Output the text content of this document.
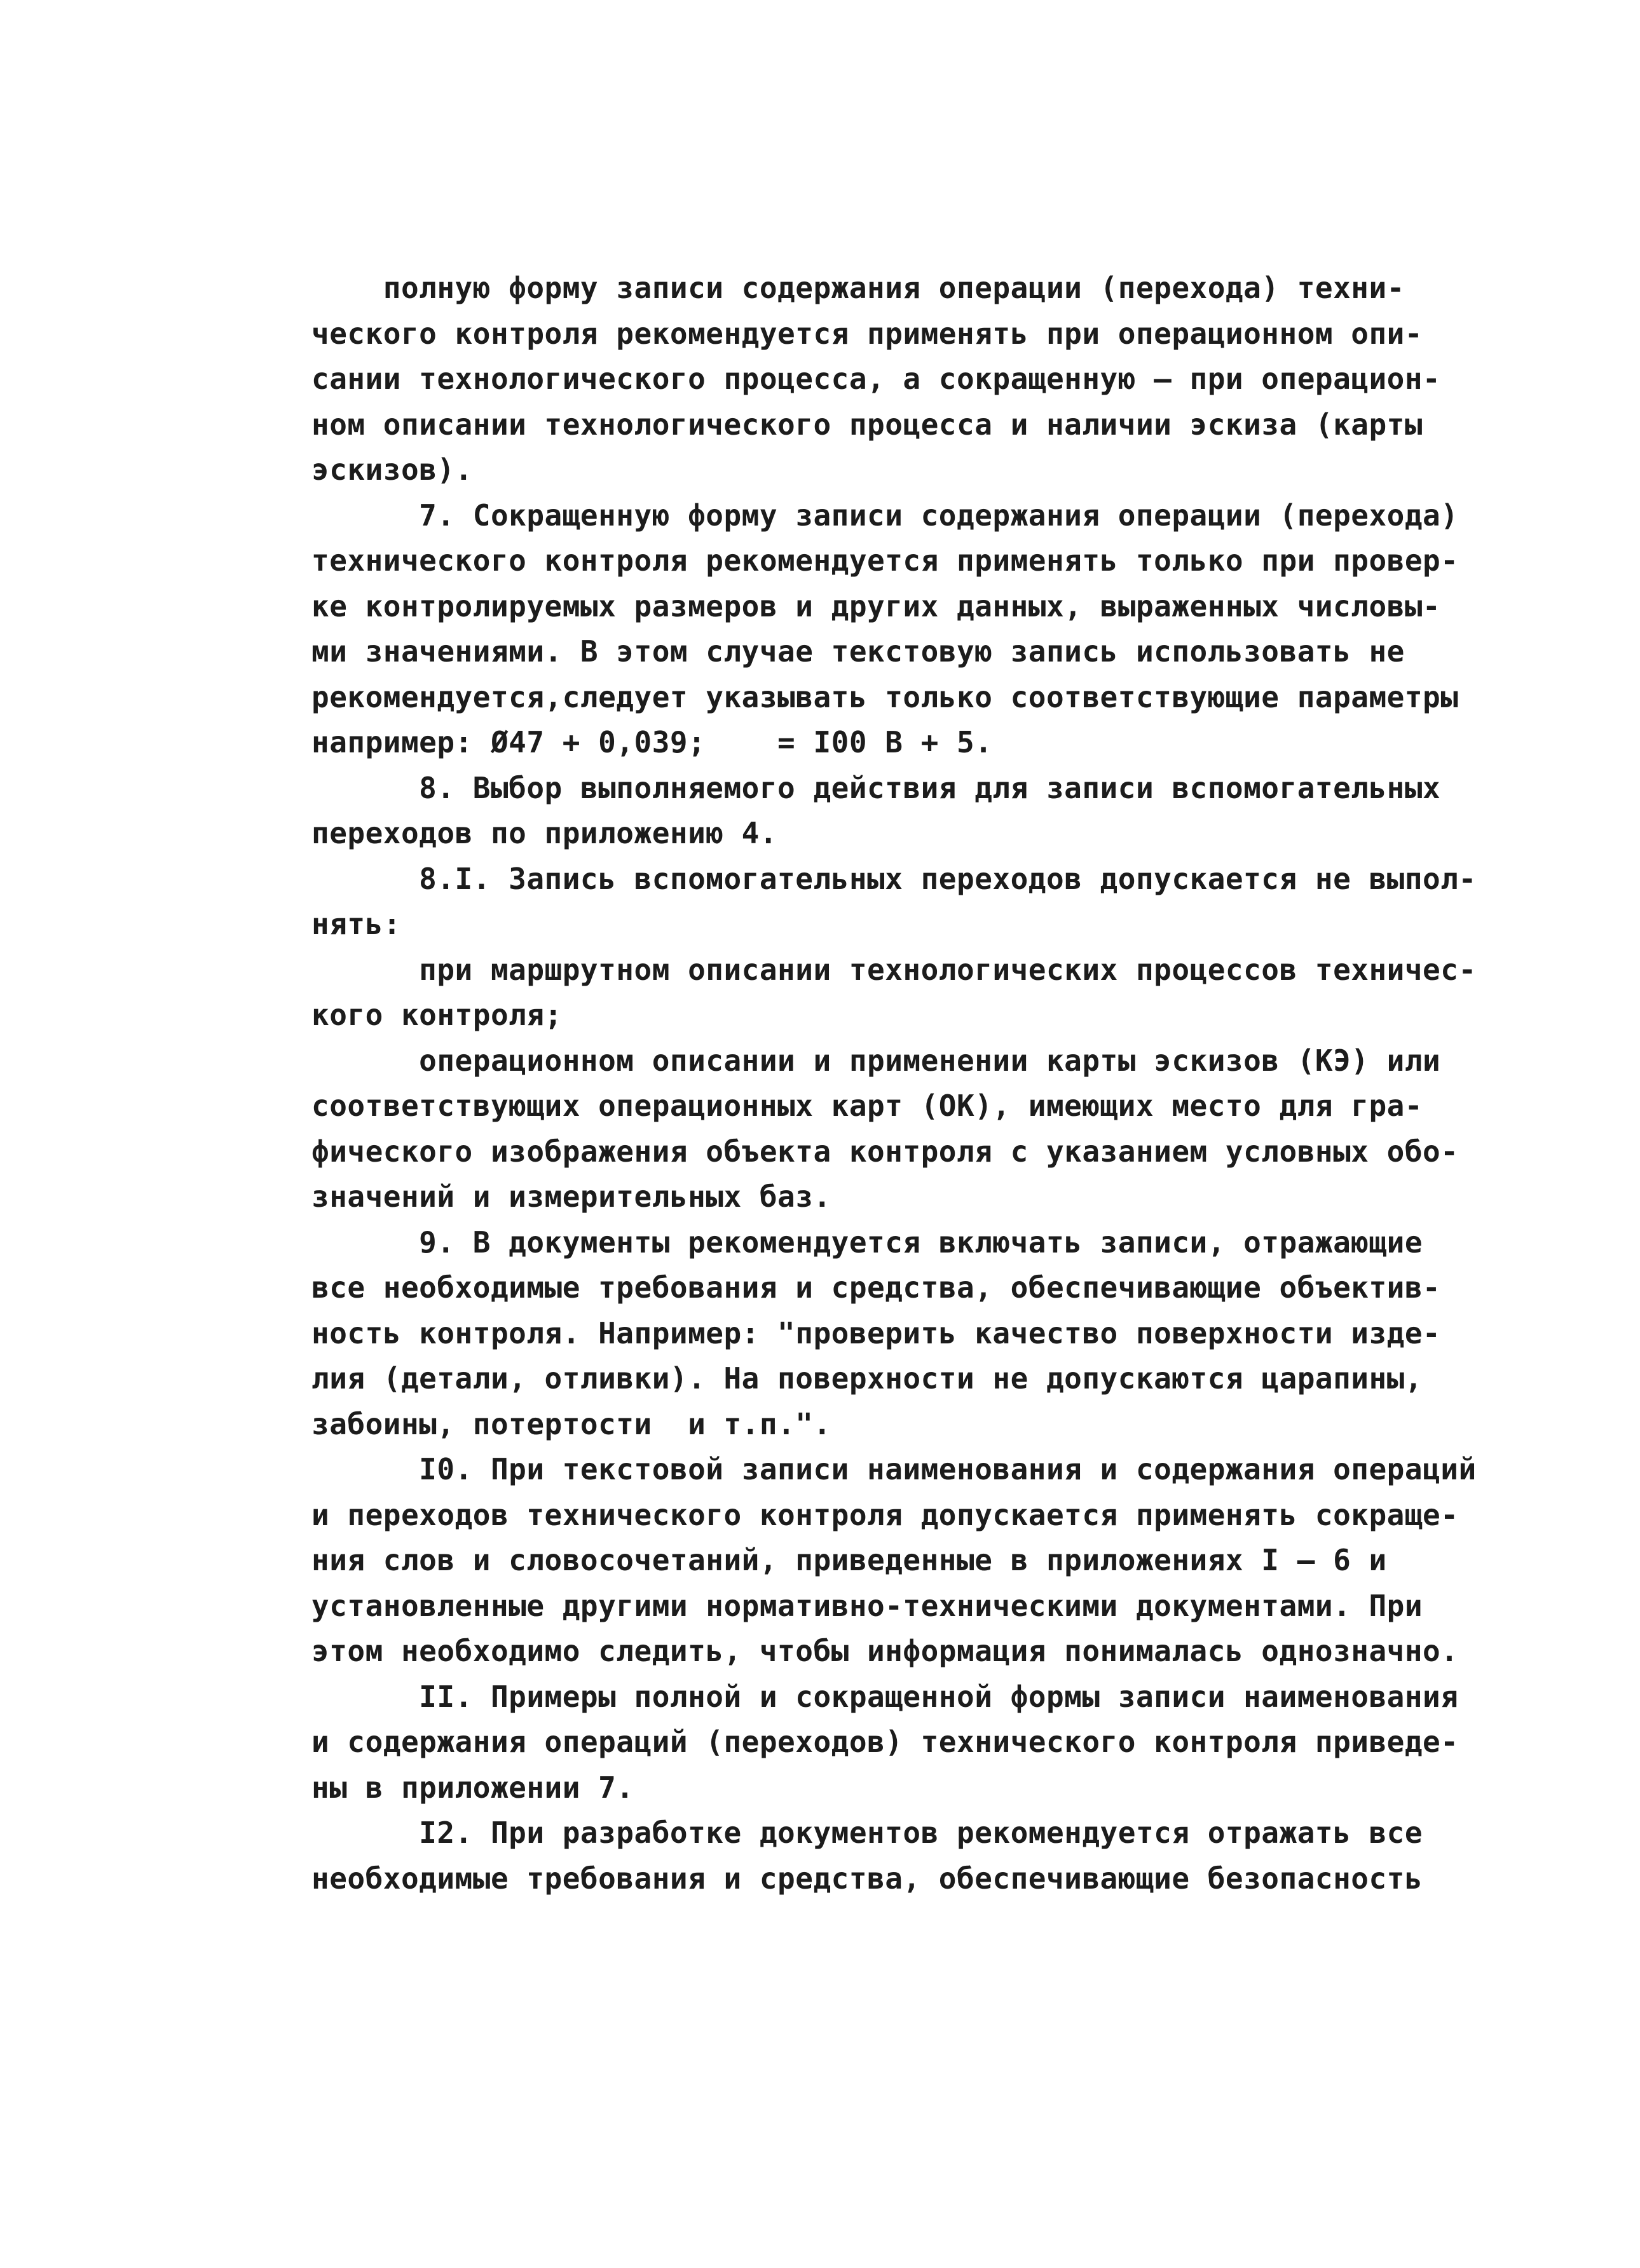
полную форму записи содержания операции (перехода) техни-
ческого контроля рекомендуется применять при операционном опи-
сании технологического процесса, а сокращенную – при операцион-
ном описании технологического процесса и наличии эскиза (карты
эскизов).
7. Сокращенную форму записи содержания операции (перехода)
технического контроля рекомендуется применять только при провер-
ке контролируемых размеров и других данных, выраженных числовы-
ми значениями. В этом случае текстовую запись использовать не
рекомендуется,следует указывать только соответствующие параметры
например: Ø47 + 0,039;    = I00 В + 5.
8. Выбор выполняемого действия для записи вспомогательных
переходов по приложению 4.
8.I. Запись вспомогательных переходов допускается не выпол-
нять:
при маршрутном описании технологических процессов техничес-
кого контроля;
операционном описании и применении карты эскизов (КЭ) или
соответствующих операционных карт (ОК), имеющих место для гра-
фического изображения объекта контроля с указанием условных обо-
значений и измерительных баз.
9. В документы рекомендуется включать записи, отражающие
все необходимые требования и средства, обеспечивающие объектив-
ность контроля. Например: "проверить качество поверхности изде-
лия (детали, отливки). На поверхности не допускаются царапины,
забоины, потертости  и т.п.".
I0. При текстовой записи наименования и содержания операций
и переходов технического контроля допускается применять сокраще-
ния слов и словосочетаний, приведенные в приложениях I – 6 и
установленные другими нормативно-техническими документами. При
этом необходимо следить, чтобы информация понималась однозначно.
II. Примеры полной и сокращенной формы записи наименования
и содержания операций (переходов) технического контроля приведе-
ны в приложении 7.
I2. При разработке документов рекомендуется отражать все
необходимые требования и средства, обеспечивающие безопасность
